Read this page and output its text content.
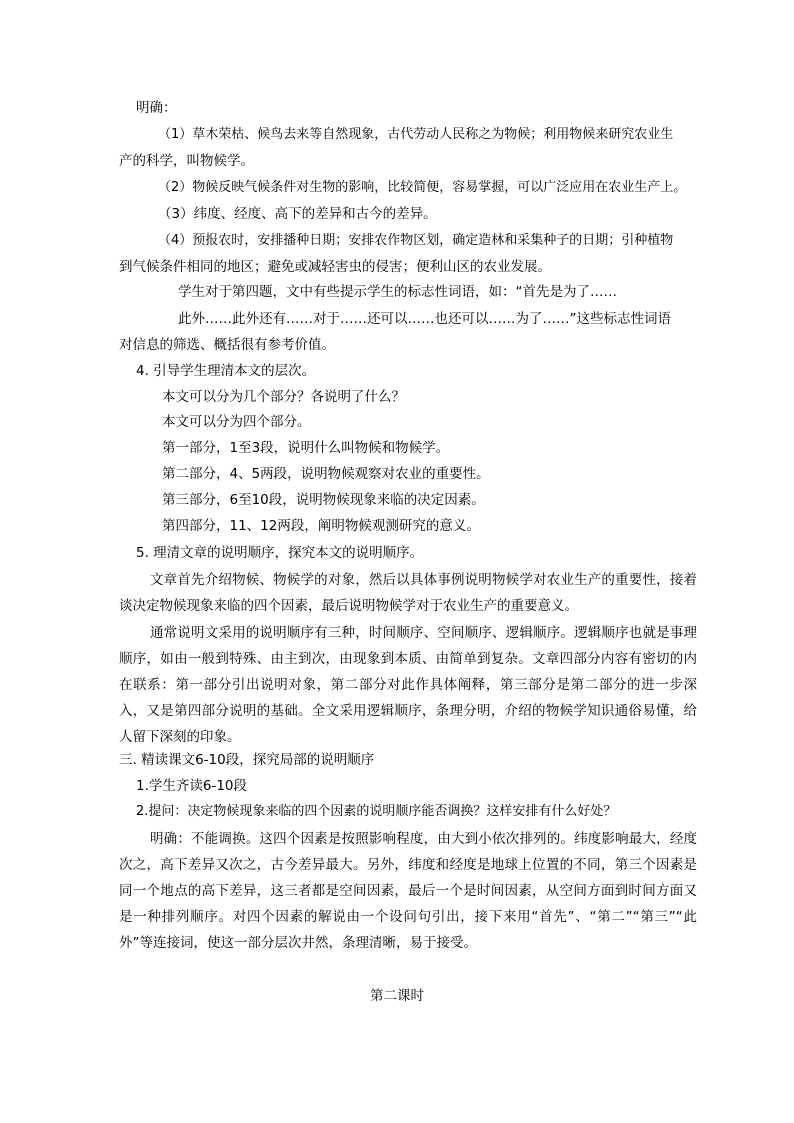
明确：
（1）草木荣枯、候鸟去来等自然现象，古代劳动人民称之为物候；利用物候来研究农业生
产的科学，叫物候学。
（2）物候反映气候条件对生物的影响，比较简便，容易掌握，可以广泛应用在农业生产上。
（3）纬度、经度、高下的差异和古今的差异。
（4）预报农时，安排播种日期；安排农作物区划，确定造林和采集种子的日期；引种植物
到气候条件相同的地区；避免或减轻害虫的侵害；便利山区的农业发展。
学生对于第四题，文中有些提示学生的标志性词语，如：“首先是为了……
此外……此外还有……对于……还可以……也还可以……为了……”这些标志性词语
对信息的筛选、概括很有参考价值。
4. 引导学生理清本文的层次。
本文可以分为几个部分？各说明了什么？
本文可以分为四个部分。
第一部分，1至3段，说明什么叫物候和物候学。
第二部分，4、5两段，说明物候观察对农业的重要性。
第三部分，6至10段，说明物候现象来临的决定因素。
第四部分，11、12两段，阐明物候观测研究的意义。
5. 理清文章的说明顺序，探究本文的说明顺序。
文章首先介绍物候、物候学的对象，然后以具体事例说明物候学对农业生产的重要性，接着谈决定物候现象来临的四个因素，最后说明物候学对于农业生产的重要意义。
通常说明文采用的说明顺序有三种，时间顺序、空间顺序、逻辑顺序。逻辑顺序也就是事理顺序，如由一般到特殊、由主到次，由现象到本质、由简单到复杂。文章四部分内容有密切的内在联系：第一部分引出说明对象，第二部分对此作具体阐释，第三部分是第二部分的进一步深入，又是第四部分说明的基础。全文采用逻辑顺序，条理分明，介绍的物候学知识通俗易懂，给人留下深刻的印象。
三. 精读课文6-10段，探究局部的说明顺序
1.学生齐读6-10段
2.提问：决定物候现象来临的四个因素的说明顺序能否调换？这样安排有什么好处？
明确：不能调换。这四个因素是按照影响程度，由大到小依次排列的。纬度影响最大，经度次之，高下差异又次之，古今差异最大。另外，纬度和经度是地球上位置的不同，第三个因素是同一个地点的高下差异，这三者都是空间因素，最后一个是时间因素，从空间方面到时间方面又是一种排列顺序。对四个因素的解说由一个设问句引出，接下来用“首先”、“第二”“第三”“此外”等连接词，使这一部分层次井然，条理清晰，易于接受。
第二课时
